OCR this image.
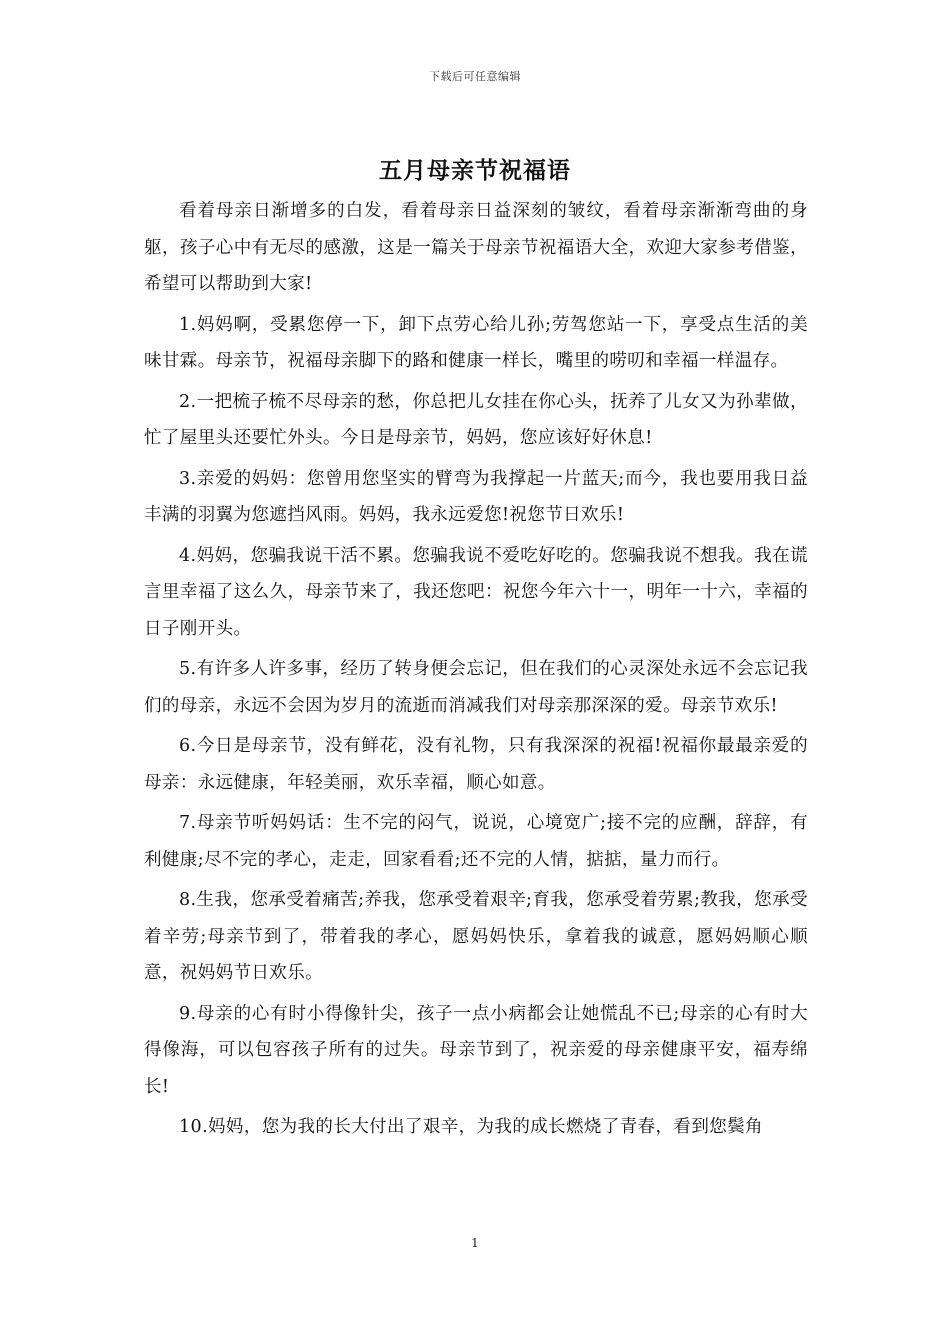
下载后可任意编辑
五月母亲节祝福语

看着母亲日渐增多的白发，看着母亲日益深刻的皱纹，看着母亲渐渐弯曲的身躯，孩子心中有无尽的感激，这是一篇关于母亲节祝福语大全，欢迎大家参考借鉴，希望可以帮助到大家!

1.妈妈啊，受累您停一下，卸下点劳心给儿孙;劳驾您站一下，享受点生活的美味甘霖。母亲节，祝福母亲脚下的路和健康一样长，嘴里的唠叨和幸福一样温存。

2.一把梳子梳不尽母亲的愁，你总把儿女挂在你心头，抚养了儿女又为孙辈做，忙了屋里头还要忙外头。今日是母亲节，妈妈，您应该好好休息!

3.亲爱的妈妈：您曾用您坚实的臂弯为我撑起一片蓝天;而今，我也要用我日益丰满的羽翼为您遮挡风雨。妈妈，我永远爱您!祝您节日欢乐!

4.妈妈，您骗我说干活不累。您骗我说不爱吃好吃的。您骗我说不想我。我在谎言里幸福了这么久，母亲节来了，我还您吧：祝您今年六十一，明年一十六，幸福的日子刚开头。

5.有许多人许多事，经历了转身便会忘记，但在我们的心灵深处永远不会忘记我们的母亲，永远不会因为岁月的流逝而消减我们对母亲那深深的爱。母亲节欢乐!

6.今日是母亲节，没有鲜花，没有礼物，只有我深深的祝福!祝福你最最亲爱的母亲：永远健康，年轻美丽，欢乐幸福，顺心如意。

7.母亲节听妈妈话：生不完的闷气，说说，心境宽广;接不完的应酬，辞辞，有利健康;尽不完的孝心，走走，回家看看;还不完的人情，掂掂，量力而行。

8.生我，您承受着痛苦;养我，您承受着艰辛;育我，您承受着劳累;教我，您承受着辛劳;母亲节到了，带着我的孝心，愿妈妈快乐，拿着我的诚意，愿妈妈顺心顺意，祝妈妈节日欢乐。

9.母亲的心有时小得像针尖，孩子一点小病都会让她慌乱不已;母亲的心有时大得像海，可以包容孩子所有的过失。母亲节到了，祝亲爱的母亲健康平安，福寿绵长!

10.妈妈，您为我的长大付出了艰辛，为我的成长燃烧了青春，看到您鬓角

1
